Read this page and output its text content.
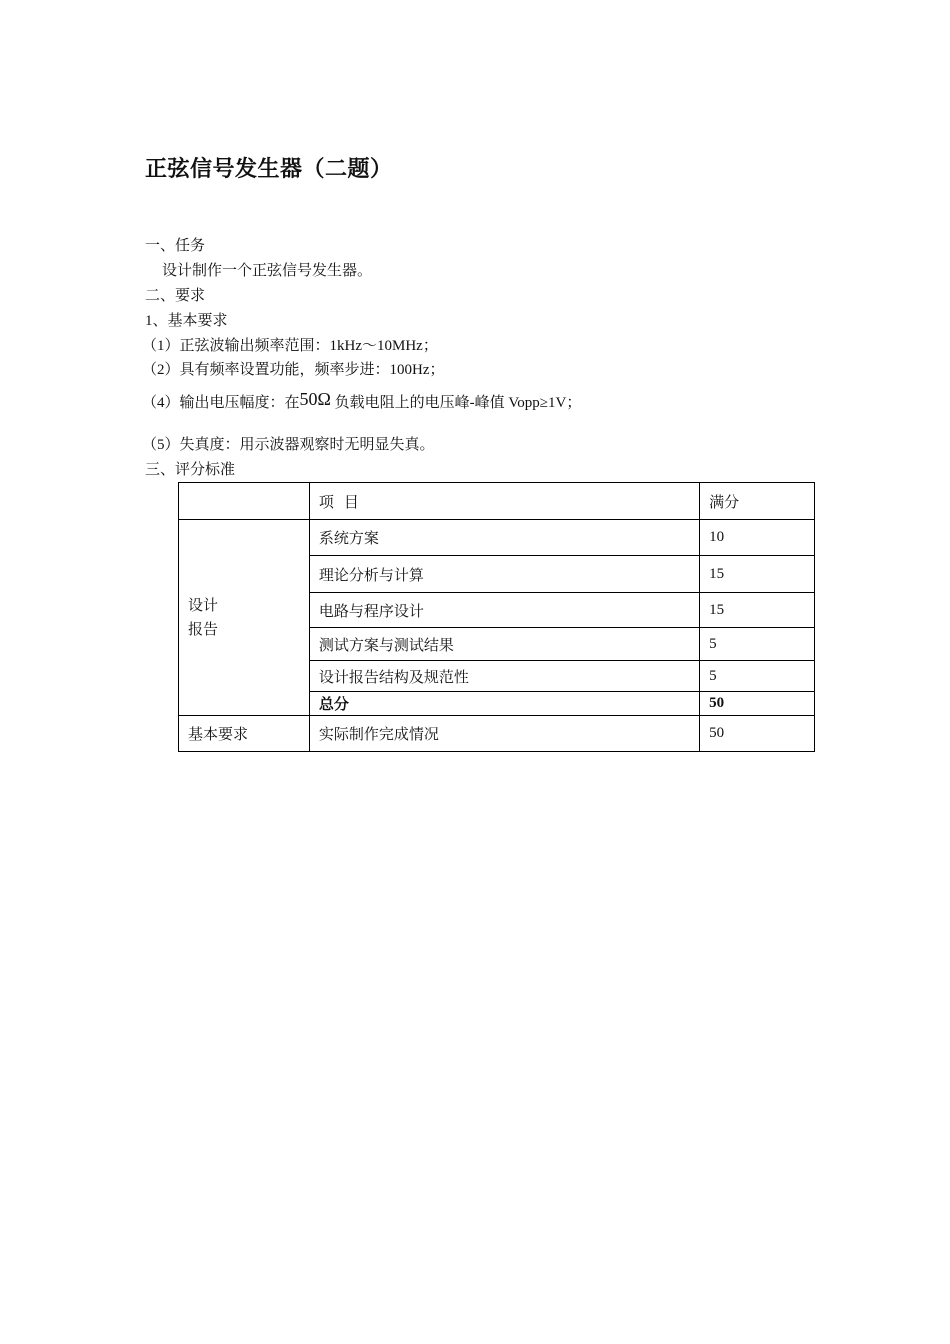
正弦信号发生器（二题）
一、任务
设计制作一个正弦信号发生器。
二、要求
1、基本要求
（1）正弦波输出频率范围：1kHz～10MHz；
（2）具有频率设置功能，频率步进：100Hz；
（4）输出电压幅度：在50Ω 负载电阻上的电压峰-峰值 Vopp≥1V；
（5）失真度：用示波器观察时无明显失真。
三、评分标准
	项 目	满分

设计
报告	系统方案	10
	理论分析与计算	15
	电路与程序设计	15
	测试方案与测试结果	5
	设计报告结构及规范性	5
	总分	50
基本要求	实际制作完成情况	50
